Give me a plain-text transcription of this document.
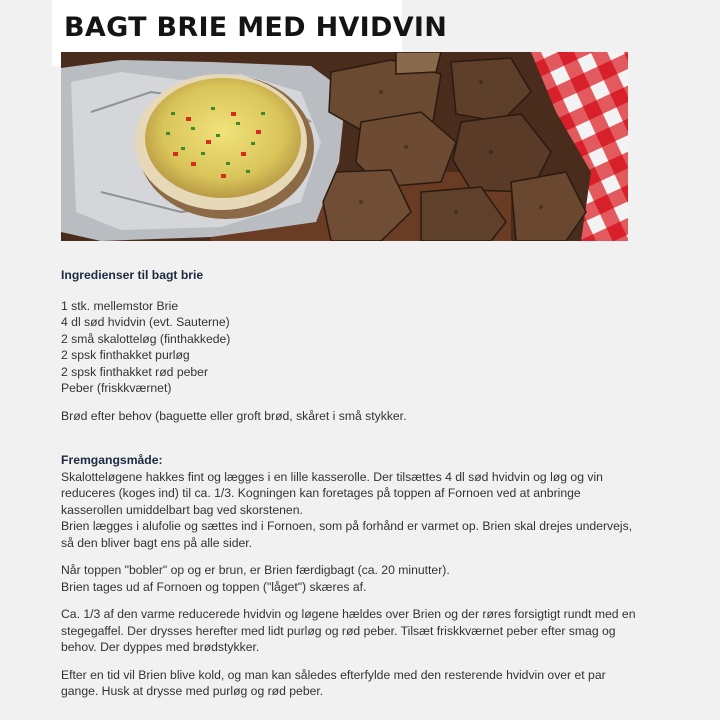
BAGT BRIE MED HVIDVIN

Ingredienser til bagt brie

1 stk. mellemstor Brie
4 dl sød hvidvin (evt. Sauterne)
2 små skalotteløg (finthakkede)
2 spsk finthakket purløg
2 spsk finthakket rød peber
Peber (friskkværnet)

Brød efter behov (baguette eller groft brød, skåret i små stykker.

Fremgangsmåde:

Skalotteløgene hakkes fint og lægges i en lille kasserolle. Der tilsættes 4 dl sød hvidvin og løg og vin reduceres (koges ind) til ca. 1/3. Kogningen kan foretages på toppen af Fornoen ved at anbringe kasserollen umiddelbart bag ved skorstenen.

Brien lægges i alufolie og sættes ind i Fornoen, som på forhånd er varmet op. Brien skal drejes undervejs, så den bliver bagt ens på alle sider.

Når toppen "bobler" op og er brun, er Brien færdigbagt (ca. 20 minutter).

Brien tages ud af Fornoen og toppen ("låget") skæres af.

Ca. 1/3 af den varme reducerede hvidvin og løgene hældes over Brien og der røres forsigtigt rundt med en stegegaffel. Der drysses herefter med lidt purløg og rød peber. Tilsæt friskkværnet peber efter smag og behov. Der dyppes med brødstykker.

Efter en tid vil Brien blive kold, og man kan således efterfylde med den resterende hvidvin over et par gange. Husk at drysse med purløg og rød peber.
